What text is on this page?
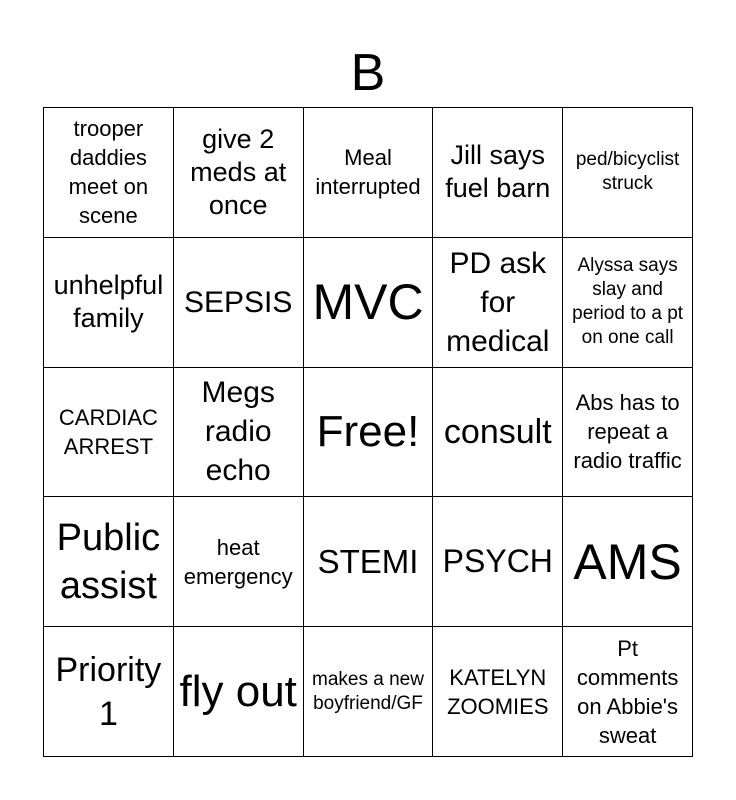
B
trooper daddies meet on scene
give 2 meds at once
Meal interrupted
Jill says fuel barn
ped/bicyclist struck
unhelpful family	SEPSIS MVC
PD ask for medical
Alyssa says slay and period to a pt on one call
CARDIAC ARREST
Megs radio echo
Free! consult
Abs has to repeat a radio traffic
Public assist
heat emergency STEMI PSYCH AMS
Priority 1	fly out makes a new boyfriend/GF
KATELYN ZOOMIES
Pt comments on Abbie's sweat
